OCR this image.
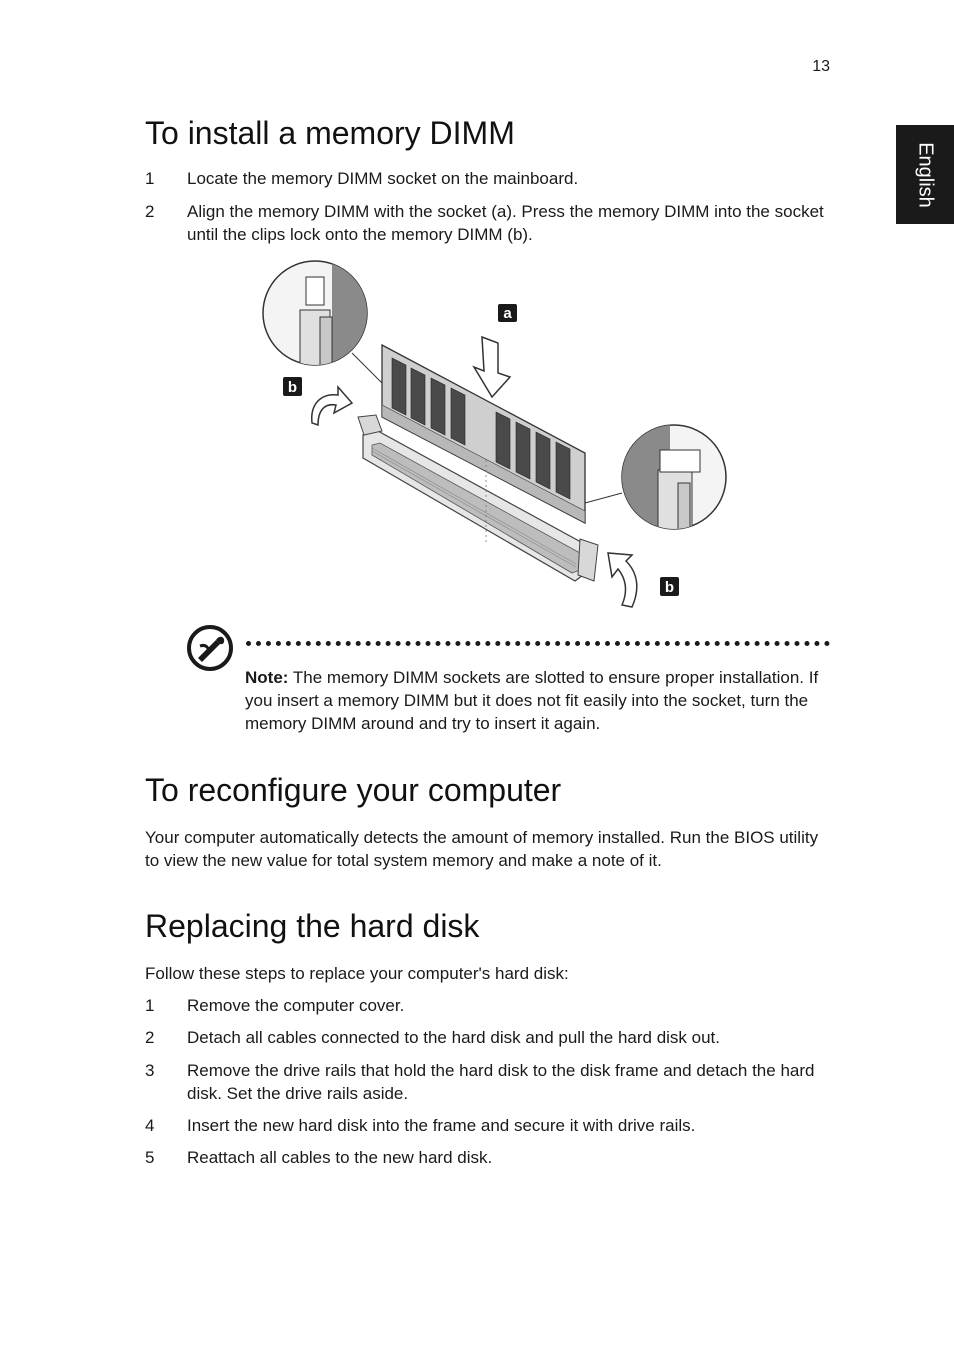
13
English
To install a memory DIMM
1 Locate the memory DIMM socket on the mainboard.
2 Align the memory DIMM with the socket (a). Press the memory DIMM into the socket until the clips lock onto the memory DIMM (b).
a
b
b
Note: The memory DIMM sockets are slotted to ensure proper installation. If you insert a memory DIMM but it does not fit easily into the socket, turn the memory DIMM around and try to insert it again.
To reconfigure your computer
Your computer automatically detects the amount of memory installed. Run the BIOS utility to view the new value for total system memory and make a note of it.
Replacing the hard disk
Follow these steps to replace your computer's hard disk:
1 Remove the computer cover.
2 Detach all cables connected to the hard disk and pull the hard disk out.
3 Remove the drive rails that hold the hard disk to the disk frame and detach the hard disk. Set the drive rails aside.
4 Insert the new hard disk into the frame and secure it with drive rails.
5 Reattach all cables to the new hard disk.
